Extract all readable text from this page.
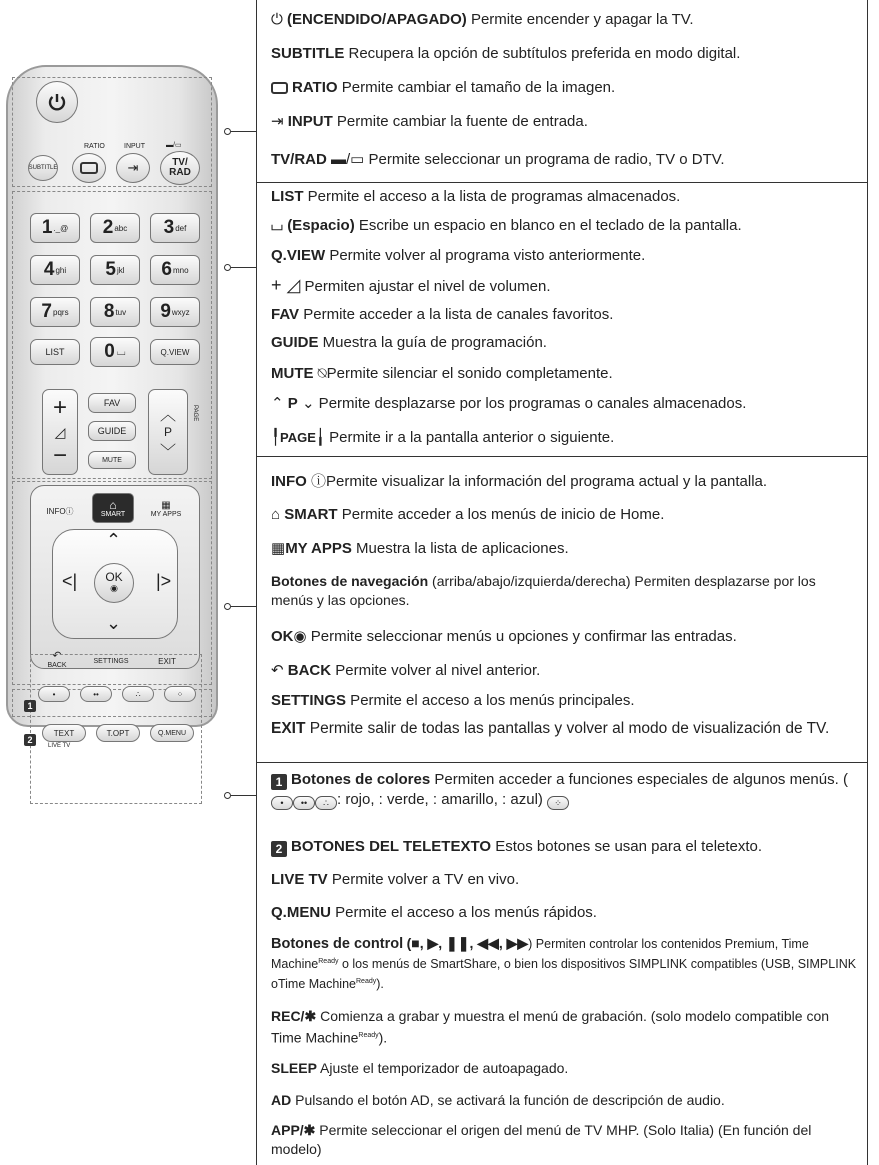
RATIO	INPUT	▬/▭
SUBTITLE	⇥	TV/
RAD
1 ._@ 2 abc 3 def
4 ghi 5 jkl 6 mno
7 pqrs 8 tuv 9 wxyz
LIST	0 ⌴	Q.VIEW
+
◿
−
FAV
GUIDE
MUTE
︿
P
﹀
PAGE
INFO ⓘ	⌂
SMART
▦
MY APPS
⌃
<|	|>
⌄
OK
◉
↶
BACK
SETTINGS	EXIT
1
2
•	••	∴	⁘
TEXT	T.OPT	Q.MENU
LIVE TV
⏻ (ENCENDIDO/APAGADO) Permite encender y apagar la TV.
SUBTITLE Recupera la opción de subtítulos preferida en modo digital.
RATIO Permite cambiar el tamaño de la imagen.
⇥ INPUT Permite cambiar la fuente de entrada.
TV/RAD ▬/▭ Permite seleccionar un programa de radio, TV o DTV.
LIST Permite el acceso a la lista de programas almacenados.
⌴ (Espacio) Escribe un espacio en blanco en el teclado de la pantalla.
Q.VIEW Permite volver al programa visto anteriormente.
+ ◿ Permiten ajustar el nivel de volumen.
FAV Permite acceder a la lista de canales favoritos.
GUIDE Muestra la guía de programación.
MUTE ⍉Permite silenciar el sonido completamente.
⌃ P ⌄ Permite desplazarse por los programas o canales almacenados.
╿PAGE╽ Permite ir a la pantalla anterior o siguiente.
INFO ⓘPermite visualizar la información del programa actual y la pantalla.
⌂ SMART Permite acceder a los menús de inicio de Home.
▦MY APPS Muestra la lista de aplicaciones.
Botones de navegación (arriba/abajo/izquierda/derecha) Permiten desplazarse por los menús y las opciones.
OK◉ Permite seleccionar menús u opciones y confirmar las entradas.
↶ BACK Permite volver al nivel anterior.
SETTINGS Permite el acceso a los menús principales.
EXIT Permite salir de todas las pantallas y volver al modo de visualización de TV.
1 Botones de colores Permiten acceder a funciones especiales de algunos menús. (• •• ∴ : rojo, : verde, : amarillo, : azul) ⁘
2 BOTONES DEL TELETEXTO Estos botones se usan para el teletexto.
LIVE TV Permite volver a TV en vivo.
Q.MENU Permite el acceso a los menús rápidos.
Botones de control (■, ▶, ❚❚, ◀◀, ▶▶) Permiten controlar los contenidos Premium, Time Machine$^{Ready}$ o los menús de SmartShare, o bien los dispositivos SIMPLINK compatibles (USB, SIMPLINK oTime Machine$^{Ready}$).
REC/✱ Comienza a grabar y muestra el menú de grabación. (solo modelo compatible con Time Machine$^{Ready}$).
SLEEP Ajuste el temporizador de autoapagado.
AD Pulsando el botón AD, se activará la función de descripción de audio.
APP/✱ Permite seleccionar el origen del menú de TV MHP. (Solo Italia) (En función del modelo)
